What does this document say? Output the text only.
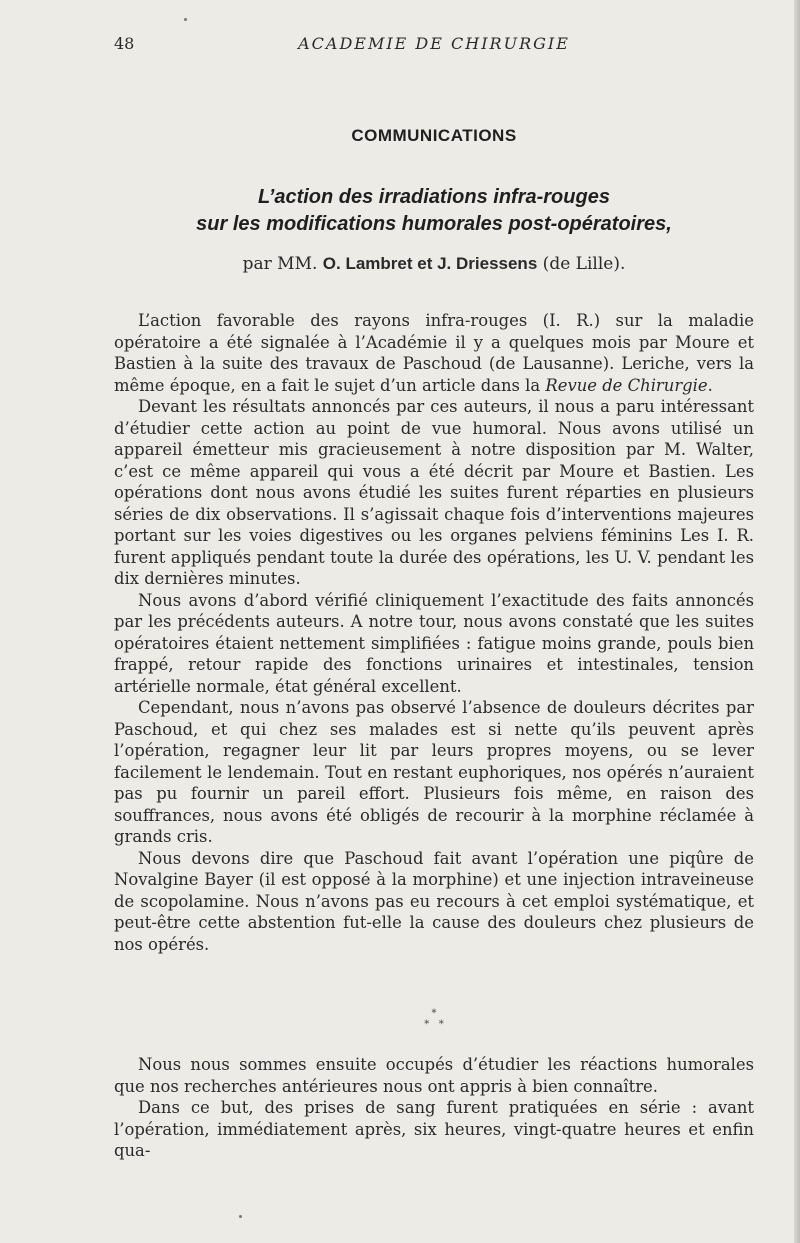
48	ACADEMIE DE CHIRURGIE
COMMUNICATIONS
L’action des irradiations infra-rouges
sur les modifications humorales post-opératoires,
par MM. O. Lambret et J. Driessens (de Lille).

L’action favorable des rayons infra-rouges (I. R.) sur la maladie opératoire a été signalée à l’Académie il y a quelques mois par Moure et Bastien à la suite des travaux de Paschoud (de Lausanne). Leriche, vers la même époque, en a fait le sujet d’un article dans la Revue de Chirurgie.

Devant les résultats annoncés par ces auteurs, il nous a paru intéressant d’étudier cette action au point de vue humoral. Nous avons utilisé un appareil émetteur mis gracieusement à notre disposition par M. Walter, c’est ce même appareil qui vous a été décrit par Moure et Bastien. Les opérations dont nous avons étudié les suites furent réparties en plusieurs séries de dix observations. Il s’agissait chaque fois d’interventions majeures portant sur les voies digestives ou les organes pelviens féminins Les I. R. furent appliqués pendant toute la durée des opérations, les U. V. pendant les dix dernières minutes.

Nous avons d’abord vérifié cliniquement l’exactitude des faits annoncés par les précédents auteurs. A notre tour, nous avons constaté que les suites opératoires étaient nettement simplifiées : fatigue moins grande, pouls bien frappé, retour rapide des fonctions urinaires et intestinales, tension artérielle normale, état général excellent.

Cependant, nous n’avons pas observé l’absence de douleurs décrites par Paschoud, et qui chez ses malades est si nette qu’ils peuvent après l’opération, regagner leur lit par leurs propres moyens, ou se lever facilement le lendemain. Tout en restant euphoriques, nos opérés n’auraient pas pu fournir un pareil effort. Plusieurs fois même, en raison des souffrances, nous avons été obligés de recourir à la morphine réclamée à grands cris.

Nous devons dire que Paschoud fait avant l’opération une piqûre de Novalgine Bayer (il est opposé à la morphine) et une injection intraveineuse de scopolamine. Nous n’avons pas eu recours à cet emploi systématique, et peut-être cette abstention fut-elle la cause des douleurs chez plusieurs de nos opérés.

*
*   *

Nous nous sommes ensuite occupés d’étudier les réactions humorales que nos recherches antérieures nous ont appris à bien connaître.

Dans ce but, des prises de sang furent pratiquées en série : avant l’opération, immédiatement après, six heures, vingt-quatre heures et enfin qua-
